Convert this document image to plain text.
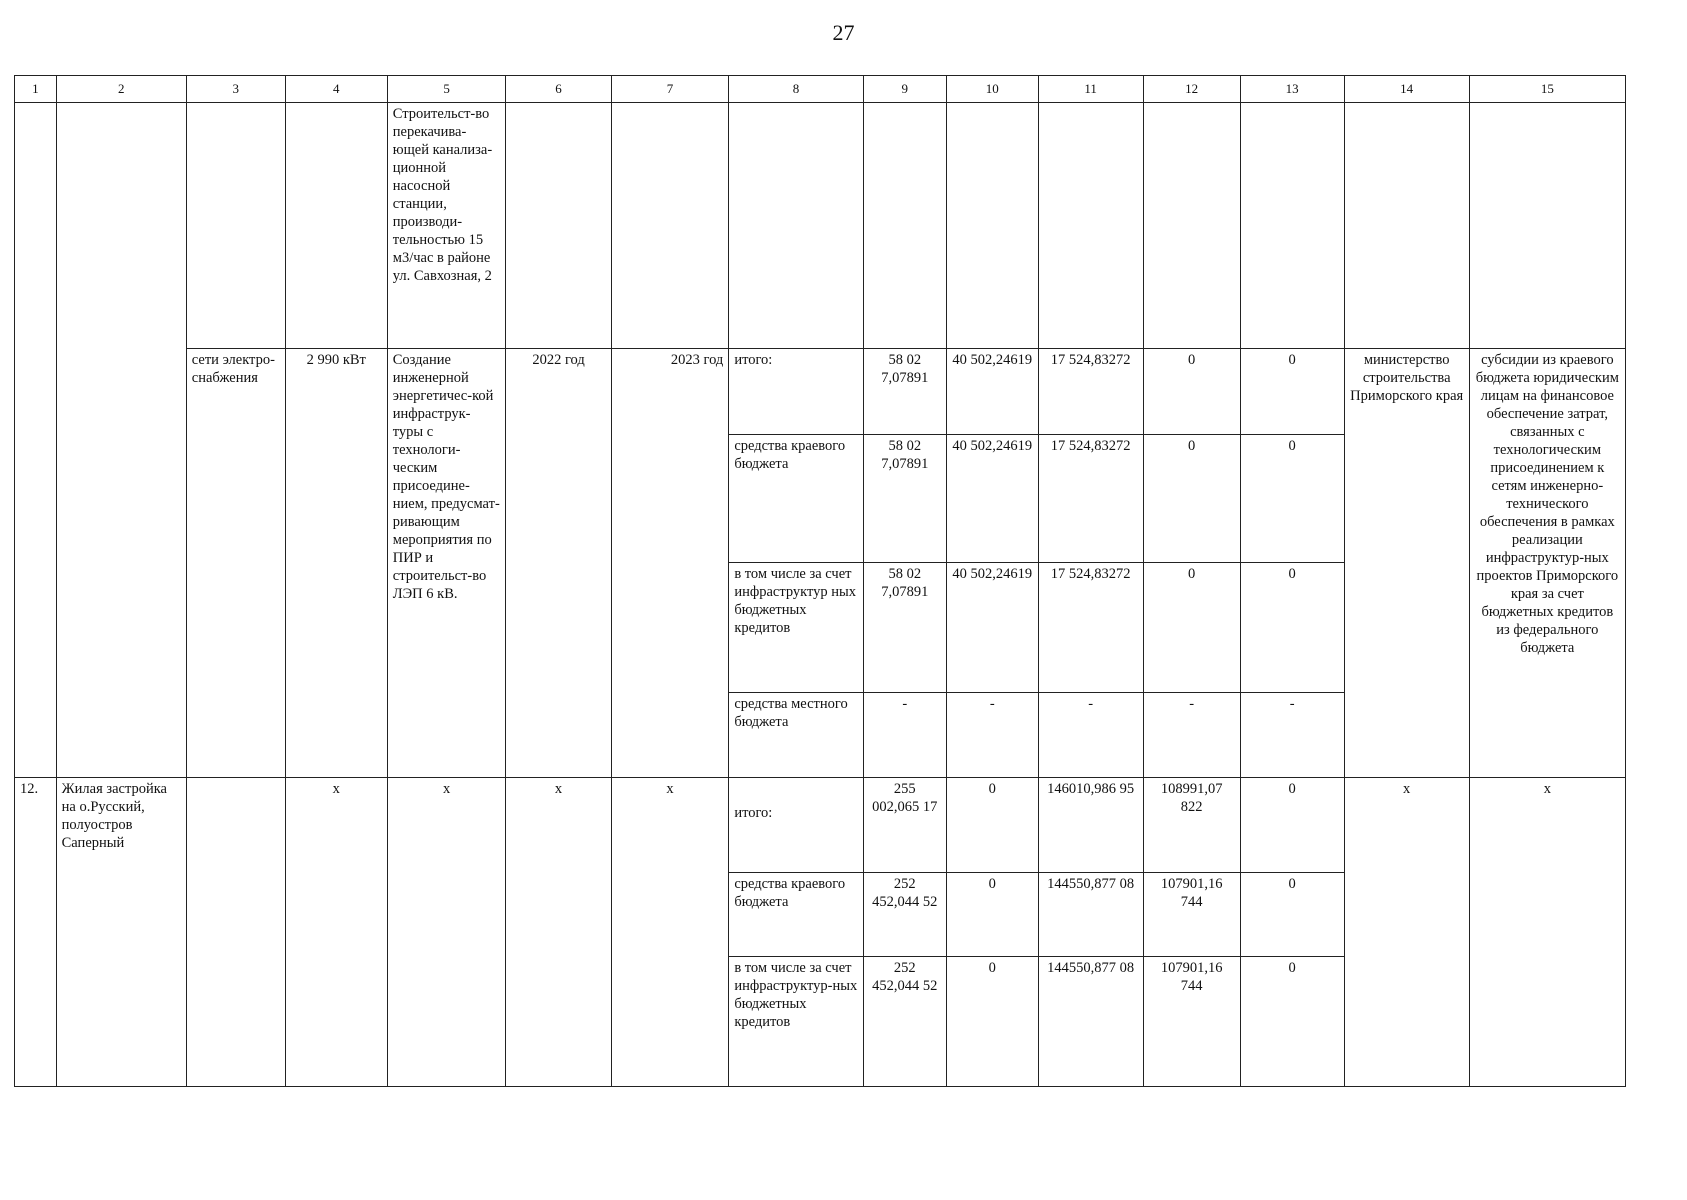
27
1	2	3	4	5	6	7	8	9	10	11	12	13	14	15
				Строительст-во перекачива-ющей канализа-ционной насосной станции, производи-тельностью 15 м3/час в районе ул. Савхозная, 2										
		сети электро-снабжения	2 990 кВт	Создание инженерной энергетичес-кой инфраструк-туры с технологи-ческим присоедине-нием, предусмат-ривающим мероприятия по ПИР и строительст-во ЛЭП 6 кВ.	2022 год	2023 год	итого:	58 02 7,07891	40 502,24619	17 524,83272	0	0	министерство строительства Приморского края	субсидии из краевого бюджета юридическим лицам на финансовое обеспечение затрат, связанных с технологическим присоединением к сетям инженерно-технического обеспечения в рамках реализации инфраструктур-ных проектов Приморского края за счет бюджетных кредитов из федерального бюджета
							средства краевого бюджета	58 02 7,07891	40 502,24619	17 524,83272	0	0		
							в том числе за счет инфраструктур ных бюджетных кредитов	58 02 7,07891	40 502,24619	17 524,83272	0	0		
							средства местного бюджета	-	-	-	-	-		
12.	Жилая застройка на о.Русский, полуостров Саперный		х	х	х	х	итого:	255 002,065 17	0	146010,986 95	108991,07 822	0	х	х
							средства краевого бюджета	252 452,044 52	0	144550,877 08	107901,16 744	0		
							в том числе за счет инфраструктур-ных бюджетных кредитов	252 452,044 52	0	144550,877 08	107901,16 744	0		
